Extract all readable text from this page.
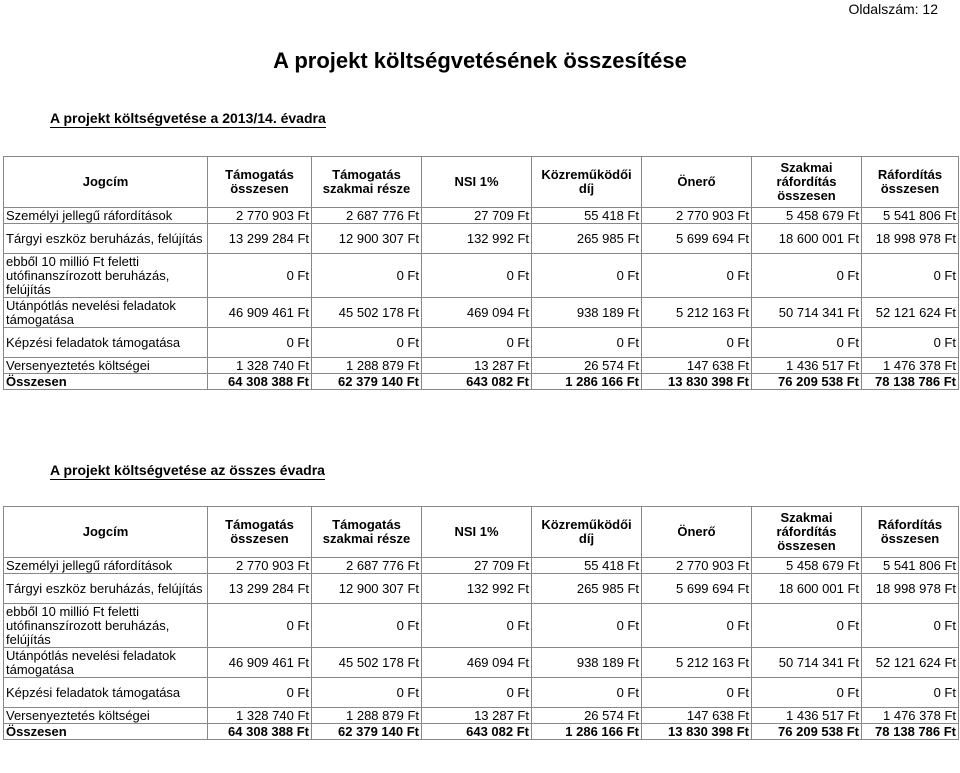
Oldalszám: 12
A projekt költségvetésének összesítése
A projekt költségvetése a 2013/14. évadra
Jogcím	Támogatás összesen	Támogatás szakmai része	NSI 1%	Közreműködői díj	Önerő	Szakmai ráfordítás összesen	Ráfordítás összesen
Személyi jellegű ráfordítások	2 770 903 Ft	2 687 776 Ft	27 709 Ft	55 418 Ft	2 770 903 Ft	5 458 679 Ft	5 541 806 Ft
Tárgyi eszköz beruházás, felújítás	13 299 284 Ft	12 900 307 Ft	132 992 Ft	265 985 Ft	5 699 694 Ft	18 600 001 Ft	18 998 978 Ft
ebből 10 millió Ft feletti utófinanszírozott beruházás, felújítás	0 Ft	0 Ft	0 Ft	0 Ft	0 Ft	0 Ft	0 Ft
Utánpótlás nevelési feladatok támogatása	46 909 461 Ft	45 502 178 Ft	469 094 Ft	938 189 Ft	5 212 163 Ft	50 714 341 Ft	52 121 624 Ft
Képzési feladatok támogatása	0 Ft	0 Ft	0 Ft	0 Ft	0 Ft	0 Ft	0 Ft
Versenyeztetés költségei	1 328 740 Ft	1 288 879 Ft	13 287 Ft	26 574 Ft	147 638 Ft	1 436 517 Ft	1 476 378 Ft
Összesen	64 308 388 Ft	62 379 140 Ft	643 082 Ft	1 286 166 Ft	13 830 398 Ft	76 209 538 Ft	78 138 786 Ft
A projekt költségvetése az összes évadra
Jogcím	Támogatás összesen	Támogatás szakmai része	NSI 1%	Közreműködői díj	Önerő	Szakmai ráfordítás összesen	Ráfordítás összesen
Személyi jellegű ráfordítások	2 770 903 Ft	2 687 776 Ft	27 709 Ft	55 418 Ft	2 770 903 Ft	5 458 679 Ft	5 541 806 Ft
Tárgyi eszköz beruházás, felújítás	13 299 284 Ft	12 900 307 Ft	132 992 Ft	265 985 Ft	5 699 694 Ft	18 600 001 Ft	18 998 978 Ft
ebből 10 millió Ft feletti utófinanszírozott beruházás, felújítás	0 Ft	0 Ft	0 Ft	0 Ft	0 Ft	0 Ft	0 Ft
Utánpótlás nevelési feladatok támogatása	46 909 461 Ft	45 502 178 Ft	469 094 Ft	938 189 Ft	5 212 163 Ft	50 714 341 Ft	52 121 624 Ft
Képzési feladatok támogatása	0 Ft	0 Ft	0 Ft	0 Ft	0 Ft	0 Ft	0 Ft
Versenyeztetés költségei	1 328 740 Ft	1 288 879 Ft	13 287 Ft	26 574 Ft	147 638 Ft	1 436 517 Ft	1 476 378 Ft
Összesen	64 308 388 Ft	62 379 140 Ft	643 082 Ft	1 286 166 Ft	13 830 398 Ft	76 209 538 Ft	78 138 786 Ft
